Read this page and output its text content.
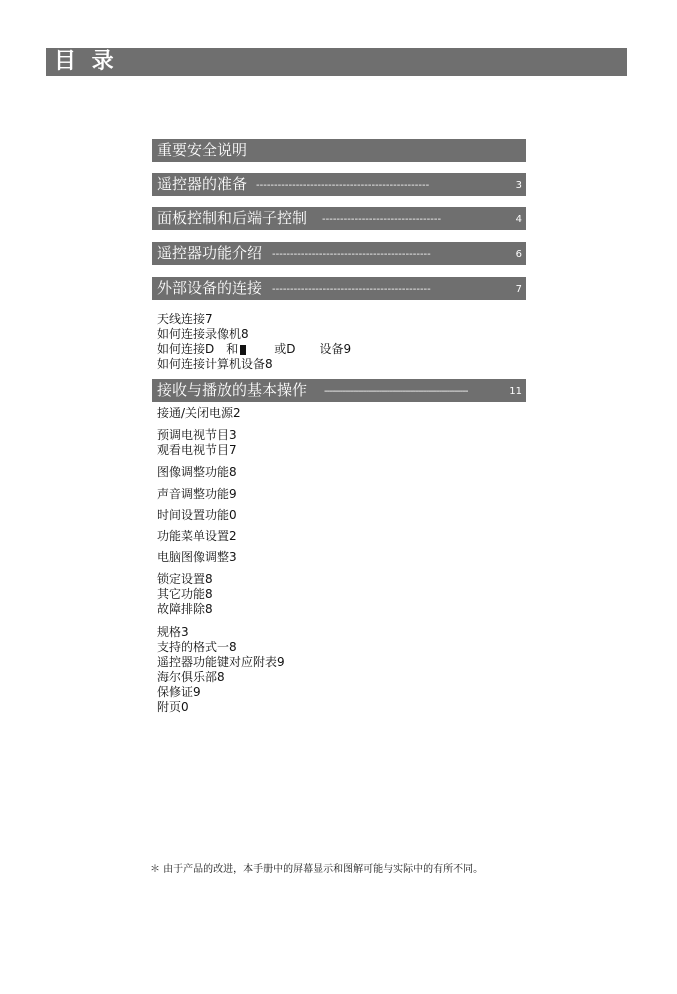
目 录
重要安全说明
遥控器的准备 ------------------------------------------------	3
面板控制和后端子控制 ---------------------------------	4
遥控器功能介绍 --------------------------------------------	6
外部设备的连接 --------------------------------------------	7
天线连接7
如何连接录像机8
如何连接D 和	或D 设备9
如何连接计算机设备8
接收与播放的基本操作 -------------------------------------------------------	11
接通/关闭电源2
预调电视节目3
观看电视节目7
图像调整功能8
声音调整功能9
时间设置功能0
功能菜单设置2
电脑图像调整3
锁定设置8
其它功能8
故障排除8
规格3
支持的格式一8
遥控器功能键对应附表9
海尔俱乐部8
保修证9
附页0
＊ 由于产品的改进，本手册中的屏幕显示和图解可能与实际中的有所不同。
